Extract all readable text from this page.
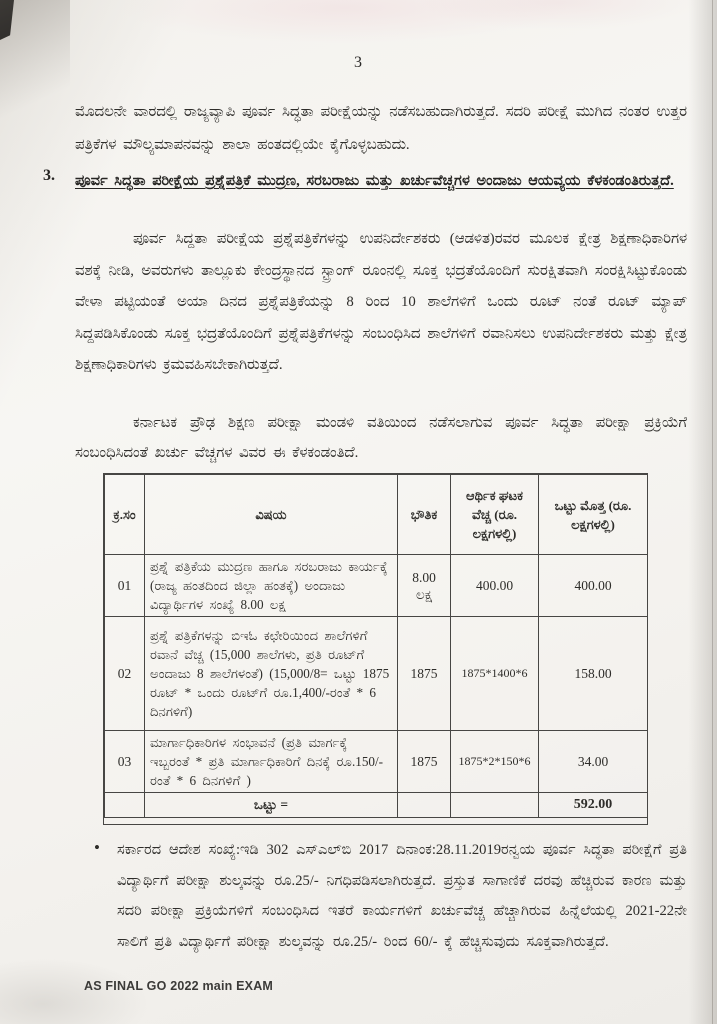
3
ಮೊದಲನೇ ವಾರದಲ್ಲಿ ರಾಜ್ಯವ್ಯಾಪಿ ಪೂರ್ವ ಸಿದ್ಧತಾ ಪರೀಕ್ಷೆಯನ್ನು ನಡೆಸಬಹುದಾಗಿರುತ್ತದೆ. ಸದರಿ ಪರೀಕ್ಷೆ ಮುಗಿದ ನಂತರ ಉತ್ತರ ಪತ್ರಿಕೆಗಳ ಮೌಲ್ಯಮಾಪನವನ್ನು ಶಾಲಾ ಹಂತದಲ್ಲಿಯೇ ಕೈಗೊಳ್ಳಬಹುದು.
3. ಪೂರ್ವ ಸಿದ್ಧತಾ ಪರೀಕ್ಷೆಯ ಪ್ರಶ್ನೆಪತ್ರಿಕೆ ಮುದ್ರಣ, ಸರಬರಾಜು ಮತ್ತು ಖರ್ಚುವೆಚ್ಚಗಳ ಅಂದಾಜು ಆಯವ್ಯಯ ಕೆಳಕಂಡಂತಿರುತ್ತದೆ.
ಪೂರ್ವ ಸಿದ್ದತಾ ಪರೀಕ್ಷೆಯ ಪ್ರಶ್ನೆಪತ್ರಿಕೆಗಳನ್ನು ಉಪನಿರ್ದೇಶಕರು (ಆಡಳಿತ)ರವರ ಮೂಲಕ ಕ್ಷೇತ್ರ ಶಿಕ್ಷಣಾಧಿಕಾರಿಗಳ ವಶಕ್ಕೆ ನೀಡಿ, ಅವರುಗಳು ತಾಲ್ಲೂಕು ಕೇಂದ್ರಸ್ಥಾನದ ಸ್ಟ್ರಾಂಗ್ ರೂಂನಲ್ಲಿ ಸೂಕ್ತ ಭದ್ರತೆಯೊಂದಿಗೆ ಸುರಕ್ಷಿತವಾಗಿ ಸಂರಕ್ಷಿಸಿಟ್ಟುಕೊಂಡು ವೇಳಾ ಪಟ್ಟಿಯಂತೆ ಅಯಾ ದಿನದ ಪ್ರಶ್ನೆಪತ್ರಿಕೆಯನ್ನು 8 ರಿಂದ 10 ಶಾಲೆಗಳಿಗೆ ಒಂದು ರೂಟ್ ನಂತೆ ರೂಟ್ ಮ್ಯಾಪ್ ಸಿದ್ದಪಡಿಸಿಕೊಂಡು ಸೂಕ್ತ ಭದ್ರತೆಯೊಂದಿಗೆ ಪ್ರಶ್ನೆಪತ್ರಿಕೆಗಳನ್ನು ಸಂಬಂಧಿಸಿದ ಶಾಲೆಗಳಿಗೆ ರವಾನಿಸಲು ಉಪನಿರ್ದೇಶಕರು ಮತ್ತು ಕ್ಷೇತ್ರ ಶಿಕ್ಷಣಾಧಿಕಾರಿಗಳು ಕ್ರಮವಹಿಸಬೇಕಾಗಿರುತ್ತದೆ.
ಕರ್ನಾಟಕ ಪ್ರೌಢ ಶಿಕ್ಷಣ ಪರೀಕ್ಷಾ ಮಂಡಳಿ ವತಿಯಿಂದ ನಡೆಸಲಾಗುವ ಪೂರ್ವ ಸಿದ್ಧತಾ ಪರೀಕ್ಷಾ ಪ್ರಕ್ರಿಯೆಗೆ ಸಂಬಂಧಿಸಿದಂತೆ ಖರ್ಚು ವೆಚ್ಚಗಳ ವಿವರ ಈ ಕೆಳಕಂಡಂತಿದೆ.
ಕ್ರ.ಸಂ	ವಿಷಯ	ಭೌತಿಕ	ಆರ್ಥಿಕ ಘಟಕ ವೆಚ್ಚ (ರೂ. ಲಕ್ಷಗಳಲ್ಲಿ)	ಒಟ್ಟು ಮೊತ್ತ (ರೂ. ಲಕ್ಷಗಳಲ್ಲಿ)
01	ಪ್ರಶ್ನೆ ಪತ್ರಿಕೆಯ ಮುದ್ರಣ ಹಾಗೂ ಸರಬರಾಜು ಕಾರ್ಯಕ್ಕೆ (ರಾಜ್ಯ ಹಂತದಿಂದ ಜಿಲ್ಲಾ ಹಂತಕ್ಕೆ) ಅಂದಾಜು ವಿದ್ಯಾರ್ಥಿಗಳ ಸಂಖ್ಯೆ 8.00 ಲಕ್ಷ	8.00 ಲಕ್ಷ	400.00	400.00
02	ಪ್ರಶ್ನೆ ಪತ್ರಿಕೆಗಳನ್ನು ಬಿಇಓ ಕಛೇರಿಯಿಂದ ಶಾಲೆಗಳಿಗೆ ರವಾನೆ ವೆಚ್ಚ (15,000 ಶಾಲೆಗಳು, ಪ್ರತಿ ರೂಟ್‌ಗೆ ಅಂದಾಜು 8 ಶಾಲೆಗಳಂತೆ) (15,000/8= ಒಟ್ಟು 1875 ರೂಟ್ * ಒಂದು ರೂಟ್‌ಗೆ ರೂ.1,400/-ರಂತೆ * 6 ದಿನಗಳಿಗೆ)	1875	1875*1400*6	158.00
03	ಮಾರ್ಗಾಧಿಕಾರಿಗಳ ಸಂಭಾವನೆ (ಪ್ರತಿ ಮಾರ್ಗಕ್ಕೆ ಇಬ್ಬರಂತೆ * ಪ್ರತಿ ಮಾರ್ಗಾಧಿಕಾರಿಗೆ ದಿನಕ್ಕೆ ರೂ.150/-ರಂತೆ * 6 ದಿನಗಳಿಗೆ )	1875	1875*2*150*6	34.00
	ಒಟ್ಟು =			592.00
• ಸರ್ಕಾರದ ಆದೇಶ ಸಂಖ್ಯೆ:ಇಡಿ 302 ಎಸ್‌ಎಲ್‌ಬಿ 2017 ದಿನಾಂಕ:28.11.2019ರನ್ವಯ ಪೂರ್ವ ಸಿದ್ಧತಾ ಪರೀಕ್ಷೆಗೆ ಪ್ರತಿ ವಿದ್ಯಾರ್ಥಿಗೆ ಪರೀಕ್ಷಾ ಶುಲ್ಕವನ್ನು ರೂ.25/- ನಿಗಧಿಪಡಿಸಲಾಗಿರುತ್ತದೆ. ಪ್ರಸ್ತುತ ಸಾಗಾಣಿಕೆ ದರವು ಹೆಚ್ಚಿರುವ ಕಾರಣ ಮತ್ತು ಸದರಿ ಪರೀಕ್ಷಾ ಪ್ರಕ್ರಿಯೆಗಳಿಗೆ ಸಂಬಂಧಿಸಿದ ಇತರೆ ಕಾರ್ಯಗಳಿಗೆ ಖರ್ಚುವೆಚ್ಚ ಹೆಚ್ಚಾಗಿರುವ ಹಿನ್ನೆಲೆಯಲ್ಲಿ 2021-22ನೇ ಸಾಲಿಗೆ ಪ್ರತಿ ವಿದ್ಯಾರ್ಥಿಗೆ ಪರೀಕ್ಷಾ ಶುಲ್ಕವನ್ನು ರೂ.25/- ರಿಂದ 60/- ಕ್ಕೆ ಹೆಚ್ಚಿಸುವುದು ಸೂಕ್ತವಾಗಿರುತ್ತದೆ.
AS FINAL GO 2022 main EXAM
